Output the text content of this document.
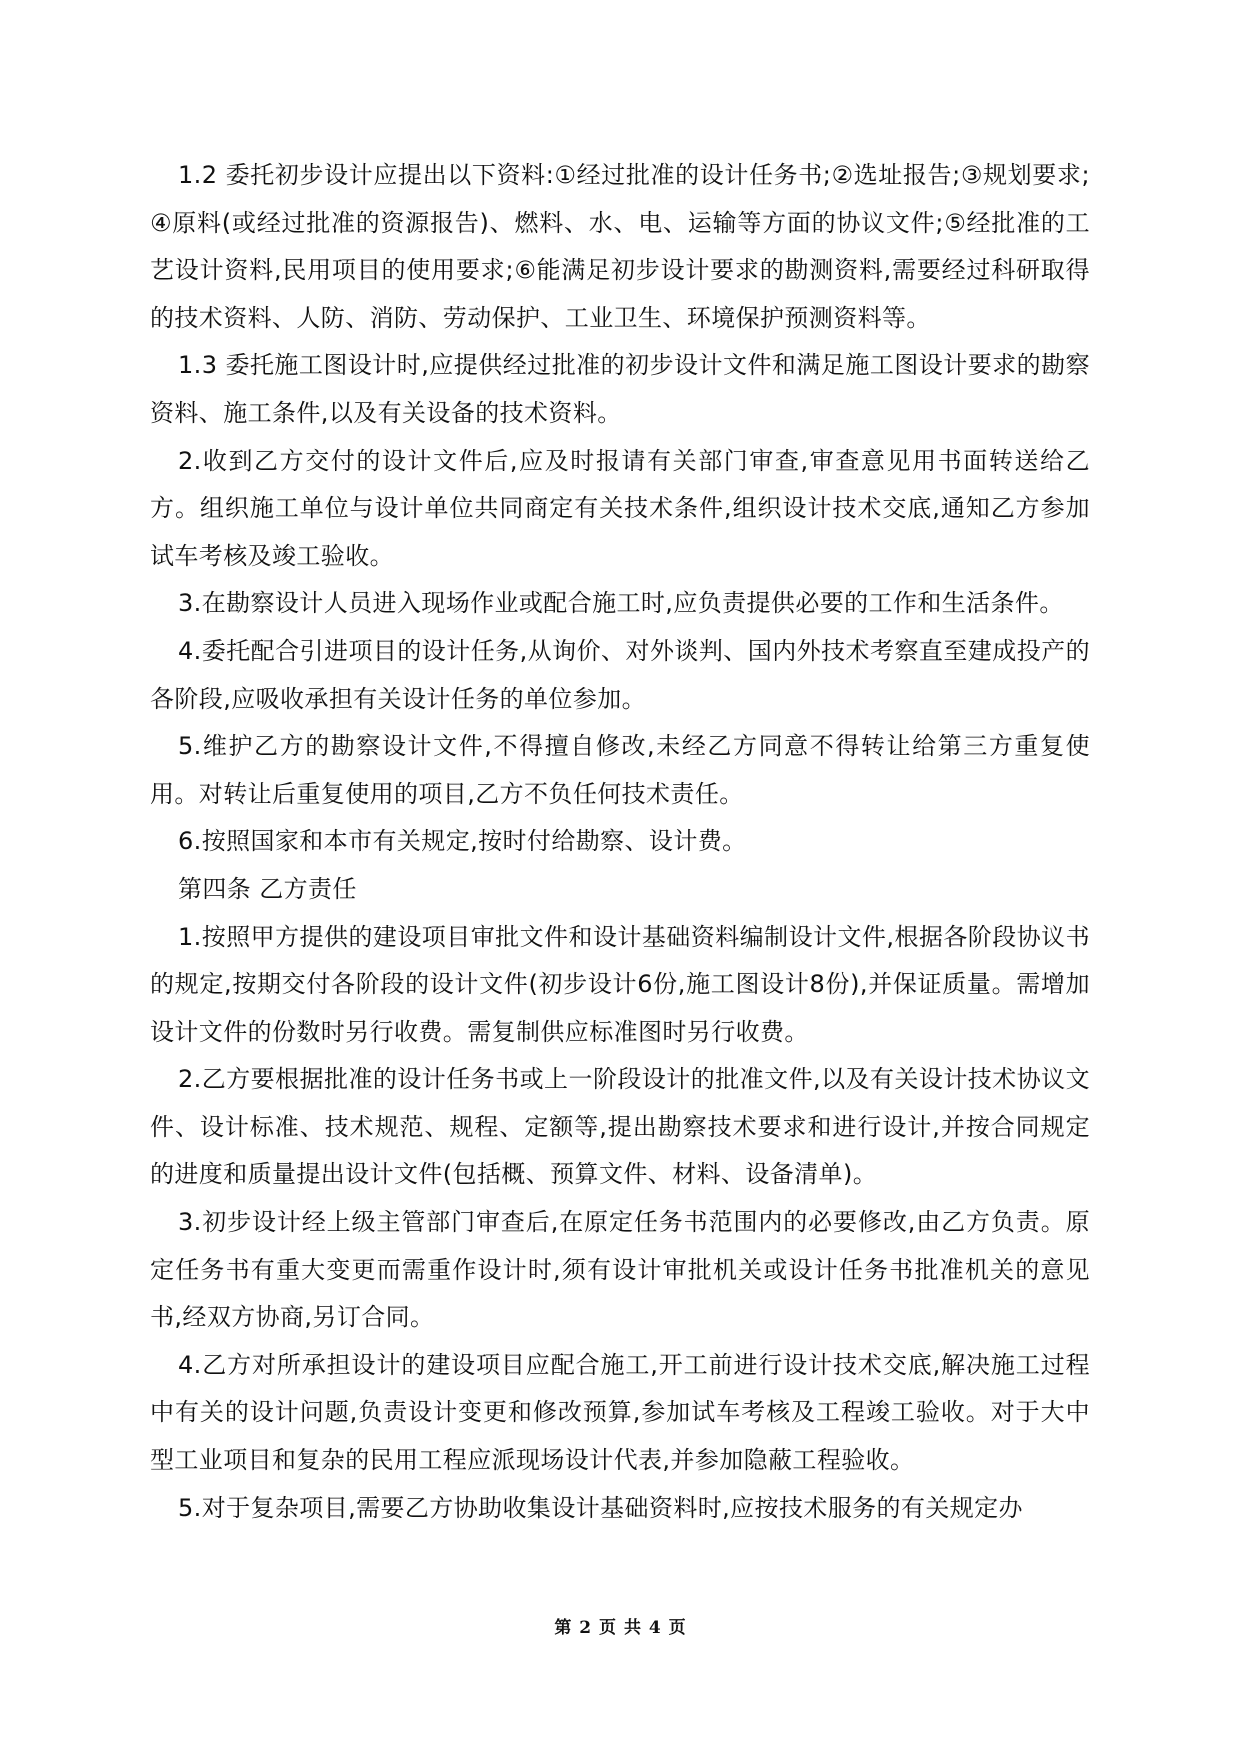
1.2 委托初步设计应提出以下资料:①经过批准的设计任务书;②选址报告;③规划要求;④原料(或经过批准的资源报告)、燃料、水、电、运输等方面的协议文件;⑤经批准的工艺设计资料,民用项目的使用要求;⑥能满足初步设计要求的勘测资料,需要经过科研取得的技术资料、人防、消防、劳动保护、工业卫生、环境保护预测资料等。

1.3 委托施工图设计时,应提供经过批准的初步设计文件和满足施工图设计要求的勘察资料、施工条件,以及有关设备的技术资料。

2.收到乙方交付的设计文件后,应及时报请有关部门审查,审查意见用书面转送给乙方。组织施工单位与设计单位共同商定有关技术条件,组织设计技术交底,通知乙方参加试车考核及竣工验收。

3.在勘察设计人员进入现场作业或配合施工时,应负责提供必要的工作和生活条件。

4.委托配合引进项目的设计任务,从询价、对外谈判、国内外技术考察直至建成投产的各阶段,应吸收承担有关设计任务的单位参加。

5.维护乙方的勘察设计文件,不得擅自修改,未经乙方同意不得转让给第三方重复使用。对转让后重复使用的项目,乙方不负任何技术责任。

6.按照国家和本市有关规定,按时付给勘察、设计费。

第四条 乙方责任

1.按照甲方提供的建设项目审批文件和设计基础资料编制设计文件,根据各阶段协议书的规定,按期交付各阶段的设计文件(初步设计6份,施工图设计8份),并保证质量。需增加设计文件的份数时另行收费。需复制供应标准图时另行收费。

2.乙方要根据批准的设计任务书或上一阶段设计的批准文件,以及有关设计技术协议文件、设计标准、技术规范、规程、定额等,提出勘察技术要求和进行设计,并按合同规定的进度和质量提出设计文件(包括概、预算文件、材料、设备清单)。

3.初步设计经上级主管部门审查后,在原定任务书范围内的必要修改,由乙方负责。原定任务书有重大变更而需重作设计时,须有设计审批机关或设计任务书批准机关的意见书,经双方协商,另订合同。

4.乙方对所承担设计的建设项目应配合施工,开工前进行设计技术交底,解决施工过程中有关的设计问题,负责设计变更和修改预算,参加试车考核及工程竣工验收。对于大中型工业项目和复杂的民用工程应派现场设计代表,并参加隐蔽工程验收。

5.对于复杂项目,需要乙方协助收集设计基础资料时,应按技术服务的有关规定办

第 2 页 共 4 页
